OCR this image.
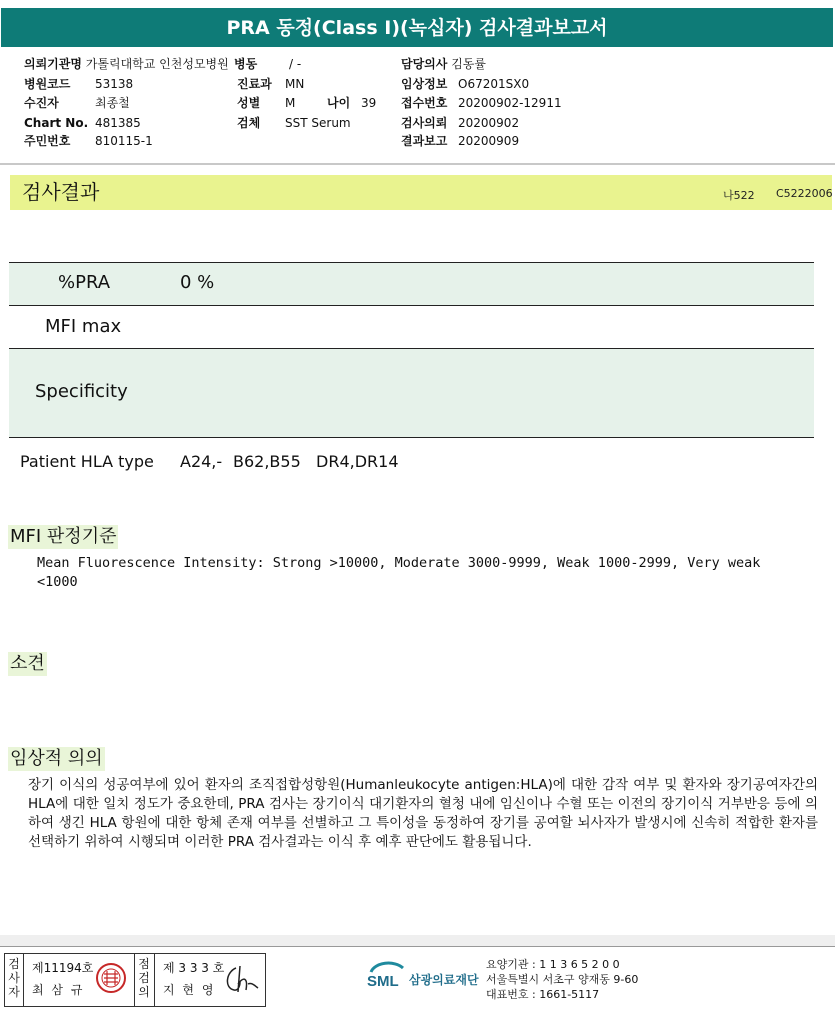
PRA 동정(Class I)(녹십자) 검사결과보고서
의뢰기관명 가톨릭대학교 인천성모병원 병동	/ -	담당의사 김동률
병원코드 53138	진료과 MN	임상정보 O67201SX0
수진자	최종철	성별 M	나이 39 접수번호 20200902-12911
Chart No. 481385	검체 SST Serum	검사의뢰 20200902
주민번호 810115-1	결과보고 20200909
검사결과	나522 C5222006
%PRA	0 %
MFI max
Specificity
Patient HLA type A24,- B62,B55 DR4,DR14
MFI 판정기준
Mean Fluorescence Intensity: Strong >10000, Moderate 3000-9999, Weak 1000-2999, Very weak <1000
소견
임상적 의의
장기 이식의 성공여부에 있어 환자의 조직접합성항원(Humanleukocyte antigen:HLA)에 대한 감작 여부 및 환자와 장기공여자간의 HLA에 대한 일치 정도가 중요한데, PRA 검사는 장기이식 대기환자의 혈청 내에 임신이나 수혈 또는 이전의 장기이식 거부반응 등에 의하여 생긴 HLA 항원에 대한 항체 존재 여부를 선별하고 그 특이성을 동정하여 장기를 공여할 뇌사자가 발생시에 신속히 적합한 환자를 선택하기 위하여 시행되며 이러한 PRA 검사결과는 이식 후 예후 판단에도 활용됩니다.
검사자
제11194호
최 삼 규
점검의
제 3 3 3 호
지 현 영	SML 삼광의료재단
요양기관 : 1 1 3 6 5 2 0 0
서울특별시 서초구 양재동 9-60
대표번호 : 1661-5117
